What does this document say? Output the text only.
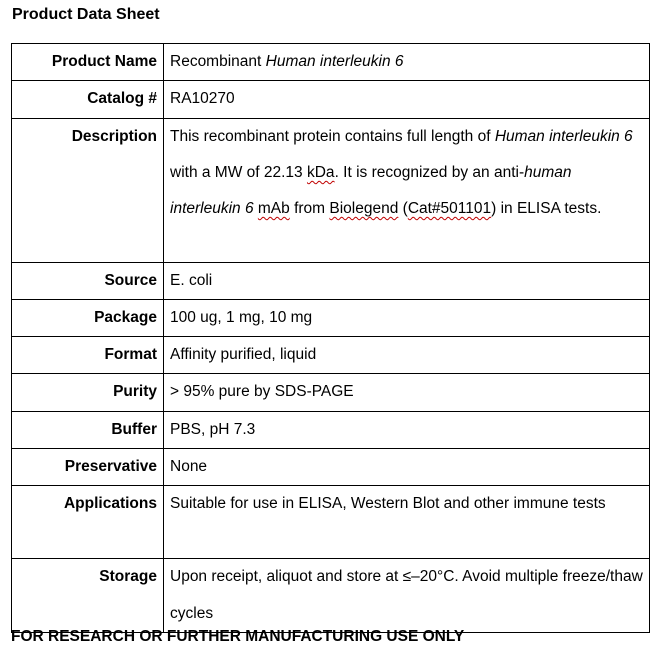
Product Data Sheet
Product Name	Recombinant Human interleukin 6
Catalog #	RA10270
Description	This recombinant protein contains full length of Human interleukin 6 with a MW of 22.13 kDa. It is recognized by an anti-human interleukin 6 mAb from Biolegend (Cat#501101) in ELISA tests.
Source	E. coli
Package	100 ug, 1 mg, 10 mg
Format	Affinity purified, liquid
Purity	> 95% pure by SDS-PAGE
Buffer	PBS, pH 7.3
Preservative	None
Applications	Suitable for use in ELISA, Western Blot and other immune tests
Storage	Upon receipt, aliquot and store at ≤–20°C. Avoid multiple freeze/thaw cycles
FOR RESEARCH OR FURTHER MANUFACTURING USE ONLY
